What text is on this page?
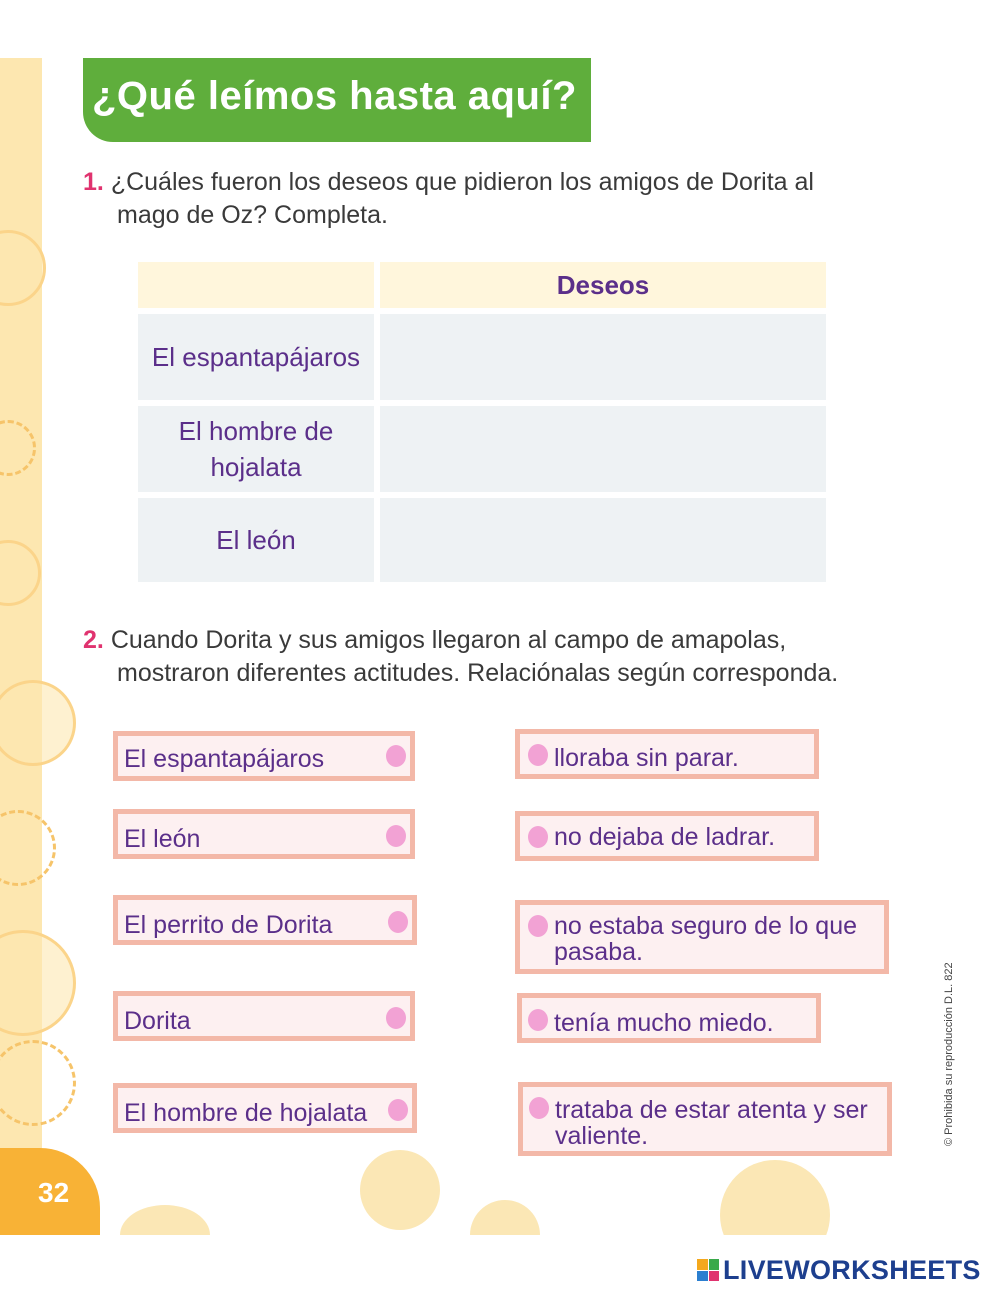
¿Qué leímos hasta aquí?
1. ¿Cuáles fueron los deseos que pidieron los amigos de Dorita al
mago de Oz? Completa.
Deseos
El espantapájaros
El hombre de
hojalata
El león
2. Cuando Dorita y sus amigos llegaron al campo de amapolas,
mostraron diferentes actitudes. Relaciónalas según corresponda.
El espantapájaros
El león
El perrito de Dorita
Dorita
El hombre de hojalata
lloraba sin parar.
no dejaba de ladrar.
no estaba seguro de lo que
pasaba.
tenía mucho miedo.
trataba de estar atenta y ser
valiente.
32
© Prohibida su reproducción D.L. 822
LIVEWORKSHEETS
